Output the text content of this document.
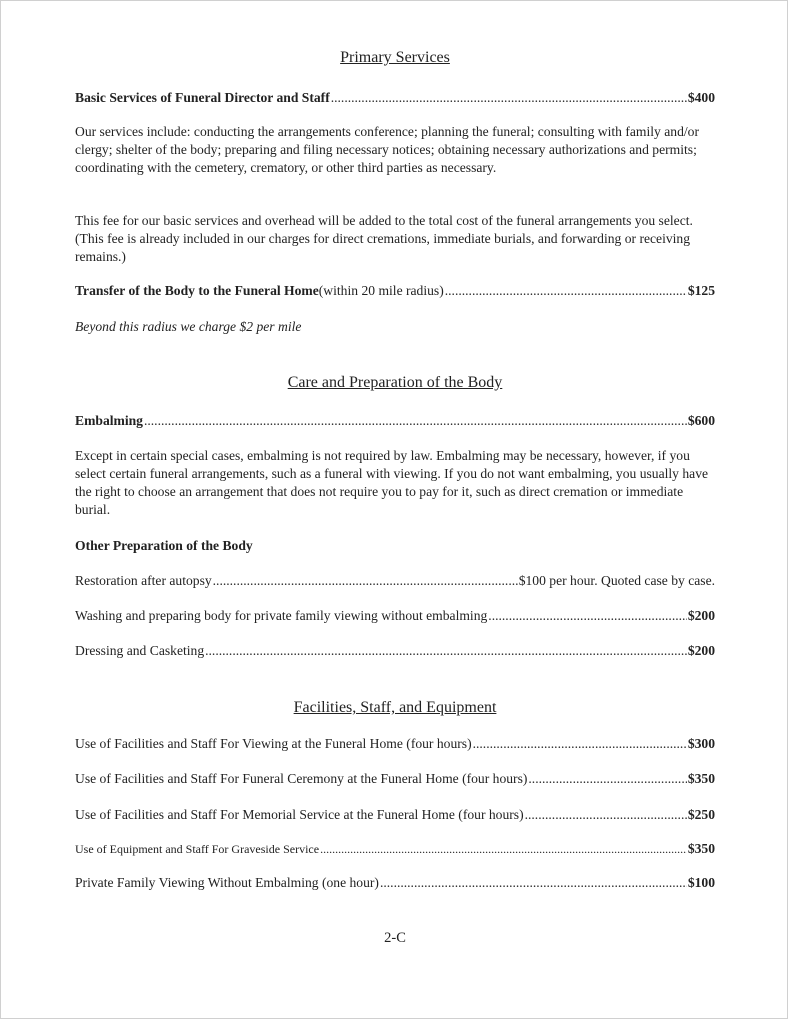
Primary Services
Basic Services of Funeral Director and Staff .....	$400
Our services include: conducting the arrangements conference; planning the funeral; consulting with family and/or clergy; shelter of the body; preparing and filing necessary notices; obtaining necessary authorizations and permits; coordinating with the cemetery, crematory, or other third parties as necessary.
This fee for our basic services and overhead will be added to the total cost of the funeral arrangements you select. (This fee is already included in our charges for direct cremations, immediate burials, and forwarding or receiving remains.)
Transfer of the Body to the Funeral Home (within 20 mile radius) .....	$125
Beyond this radius we charge $2 per mile
Care and Preparation of the Body
Embalming .....	$600
Except in certain special cases, embalming is not required by law. Embalming may be necessary, however, if you select certain funeral arrangements, such as a funeral with viewing. If you do not want embalming, you usually have the right to choose an arrangement that does not require you to pay for it, such as direct cremation or immediate burial.
Other Preparation of the Body
Restoration after autopsy .....	$100 per hour. Quoted case by case.
Washing and preparing body for private family viewing without embalming .....	$200
Dressing and Casketing .....	$200
Facilities, Staff, and Equipment
Use of Facilities and Staff For Viewing at the Funeral Home (four hours) .....	$300
Use of Facilities and Staff For Funeral Ceremony at the Funeral Home (four hours) .....	$350
Use of Facilities and Staff For Memorial Service at the Funeral Home (four hours) .....	$250
Use of Equipment and Staff For Graveside Service .....	$350
Private Family Viewing Without Embalming (one hour) .....	$100
2-C
